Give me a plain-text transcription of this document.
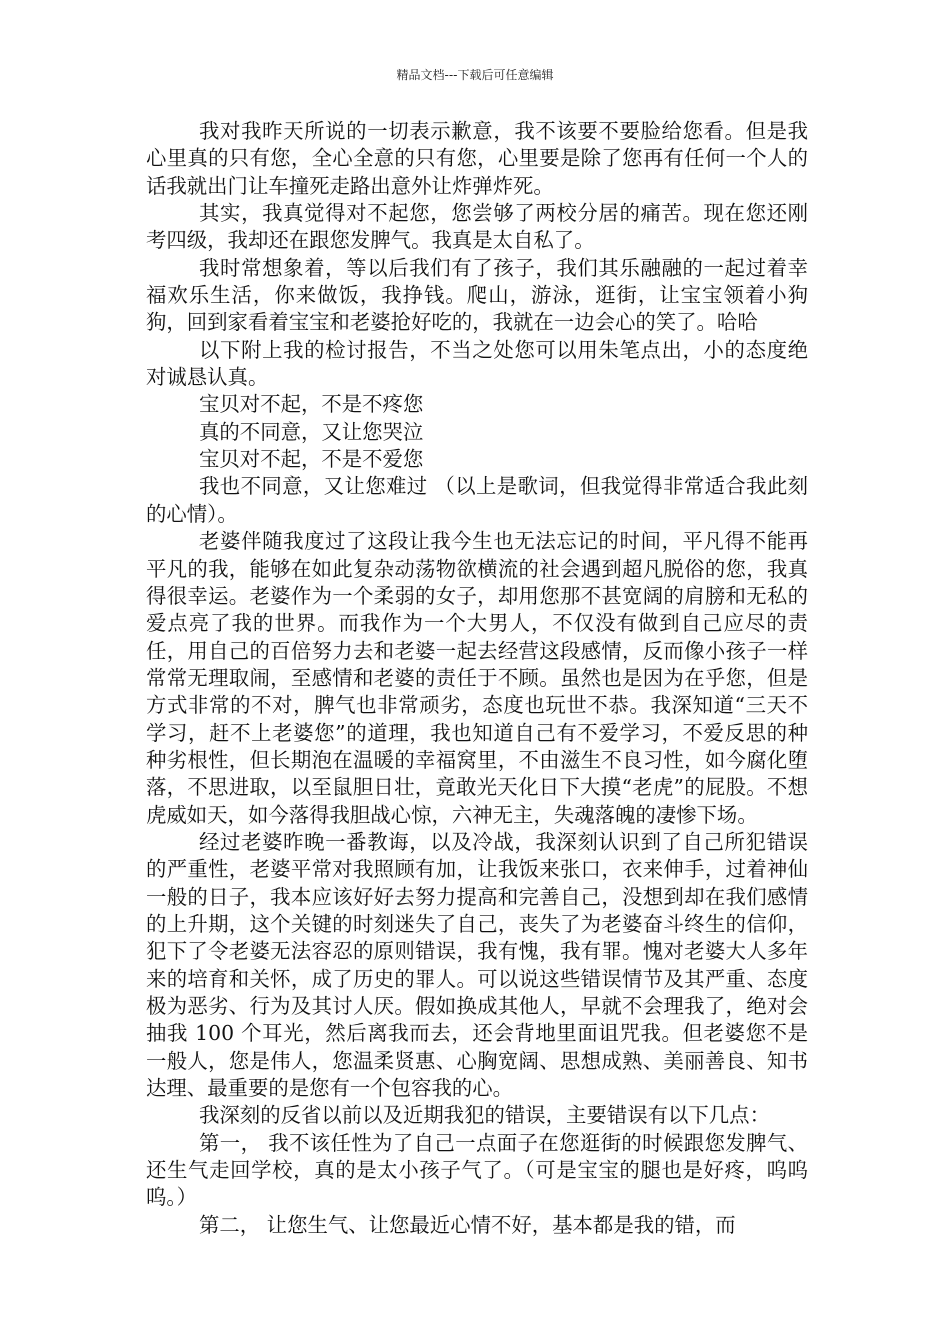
精品文档---下载后可任意编辑

我对我昨天所说的一切表示歉意，我不该要不要脸给您看。但是我心里真的只有您，全心全意的只有您，心里要是除了您再有任何一个人的话我就出门让车撞死走路出意外让炸弹炸死。

其实，我真觉得对不起您，您尝够了两校分居的痛苦。现在您还刚考四级，我却还在跟您发脾气。我真是太自私了。

我时常想象着，等以后我们有了孩子，我们其乐融融的一起过着幸福欢乐生活，你来做饭，我挣钱。爬山，游泳，逛街，让宝宝领着小狗狗，回到家看着宝宝和老婆抢好吃的，我就在一边会心的笑了。哈哈

以下附上我的检讨报告，不当之处您可以用朱笔点出，小的态度绝对诚恳认真。

宝贝对不起，不是不疼您

真的不同意，又让您哭泣

宝贝对不起，不是不爱您

我也不同意，又让您难过 （以上是歌词，但我觉得非常适合我此刻的心情）。

老婆伴随我度过了这段让我今生也无法忘记的时间，平凡得不能再平凡的我，能够在如此复杂动荡物欲横流的社会遇到超凡脱俗的您，我真得很幸运。老婆作为一个柔弱的女子，却用您那不甚宽阔的肩膀和无私的爱点亮了我的世界。而我作为一个大男人，不仅没有做到自己应尽的责任，用自己的百倍努力去和老婆一起去经营这段感情，反而像小孩子一样常常无理取闹，至感情和老婆的责任于不顾。虽然也是因为在乎您，但是方式非常的不对，脾气也非常顽劣，态度也玩世不恭。我深知道“三天不学习，赶不上老婆您”的道理，我也知道自己有不爱学习，不爱反思的种种劣根性，但长期泡在温暖的幸福窝里，不由滋生不良习性，如今腐化堕落，不思进取，以至鼠胆日壮，竟敢光天化日下大摸“老虎”的屁股。不想虎威如天，如今落得我胆战心惊，六神无主，失魂落魄的凄惨下场。

经过老婆昨晚一番教诲，以及冷战，我深刻认识到了自己所犯错误的严重性，老婆平常对我照顾有加，让我饭来张口，衣来伸手，过着神仙一般的日子，我本应该好好去努力提高和完善自己，没想到却在我们感情的上升期，这个关键的时刻迷失了自己，丧失了为老婆奋斗终生的信仰，犯下了令老婆无法容忍的原则错误，我有愧，我有罪。愧对老婆大人多年来的培育和关怀，成了历史的罪人。可以说这些错误情节及其严重、态度极为恶劣、行为及其讨人厌。假如换成其他人，早就不会理我了，绝对会抽我 100 个耳光，然后离我而去，还会背地里面诅咒我。但老婆您不是一般人，您是伟人，您温柔贤惠、心胸宽阔、思想成熟、美丽善良、知书达理、最重要的是您有一个包容我的心。

我深刻的反省以前以及近期我犯的错误，主要错误有以下几点：

第一， 我不该任性为了自己一点面子在您逛街的时候跟您发脾气、还生气走回学校，真的是太小孩子气了。（可是宝宝的腿也是好疼，呜呜呜。）

第二， 让您生气、让您最近心情不好，基本都是我的错，而
